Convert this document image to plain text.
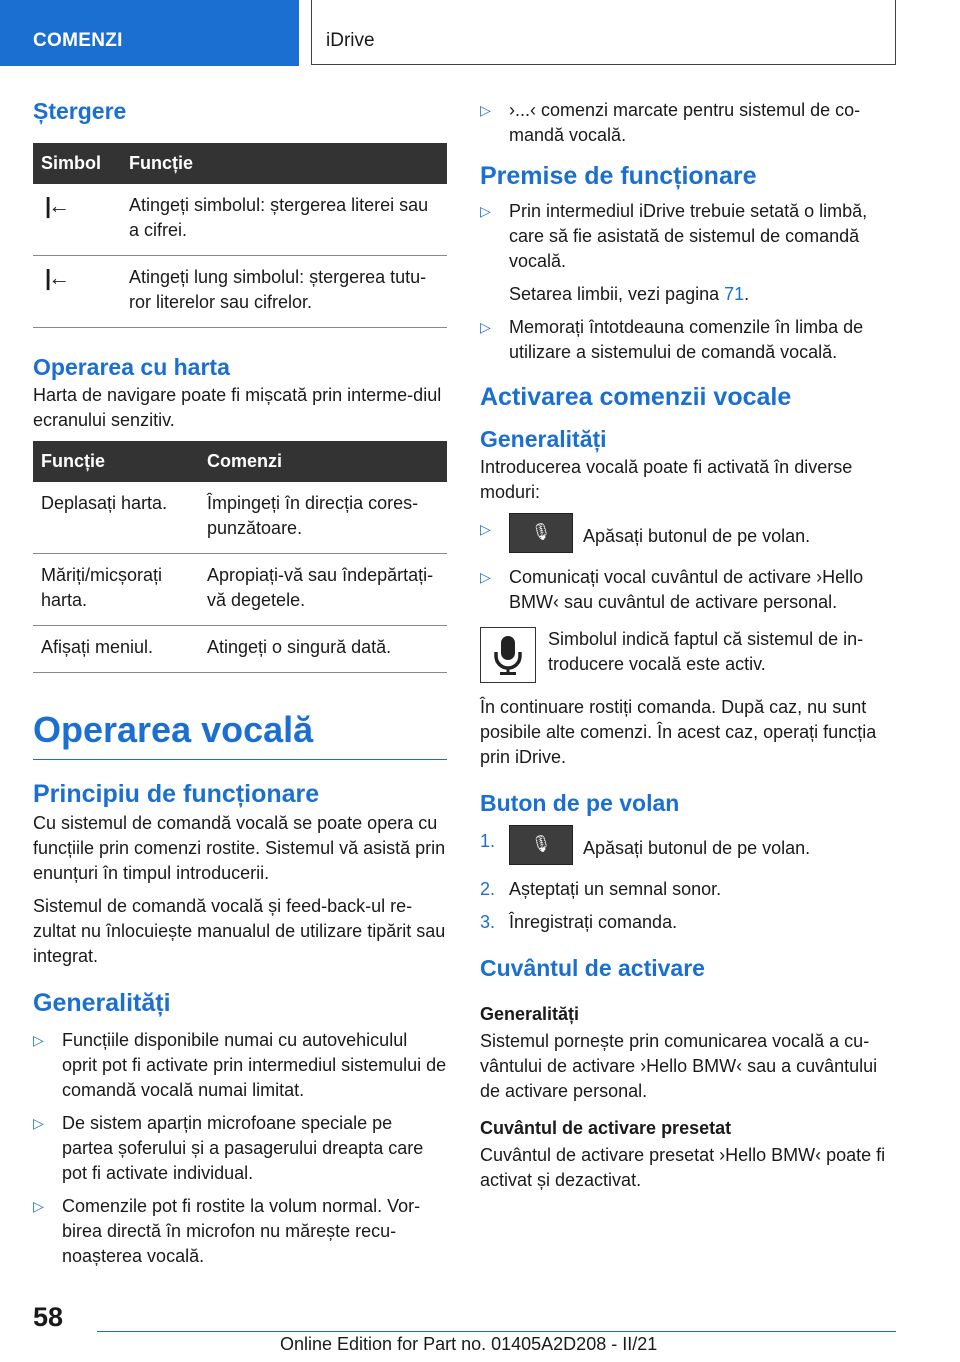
COMENZI	iDrive
Ștergere
Simbol	Funcție
|←	Atingeți simbolul: ștergerea literei sau a cifrei.
|←	Atingeți lung simbolul: ștergerea tutu-ror literelor sau cifrelor.
Operarea cu harta

Harta de navigare poate fi mișcată prin interme-diul ecranului senzitiv.

Funcție	Comenzi
Deplasați harta.	Împingeți în direcția cores-punzătoare.
Măriți/micșorați harta.	Apropiați-vă sau îndepărtați-vă degetele.
Afișați meniul.	Atingeți o singură dată.
Operarea vocală
Principiu de funcționare

Cu sistemul de comandă vocală se poate opera cu funcțiile prin comenzi rostite. Sistemul vă asistă prin enunțuri în timpul introducerii.

Sistemul de comandă vocală și feed-back-ul re-zultat nu înlocuiește manualul de utilizare tipărit sau integrat.

Generalități
▷ Funcțiile disponibile numai cu autovehiculul oprit pot fi activate prin intermediul sistemului de comandă vocală numai limitat.
▷ De sistem aparțin microfoane speciale pe partea șoferului și a pasagerului dreapta care pot fi activate individual.
▷ Comenzile pot fi rostite la volum normal. Vor-birea directă în microfon nu mărește recu-noașterea vocală.
▷ ›...‹ comenzi marcate pentru sistemul de co-mandă vocală.
Premise de funcționare
▷ Prin intermediul iDrive trebuie setată o limbă, care să fie asistată de sistemul de comandă vocală.
Setarea limbii, vezi pagina 71.
▷ Memorați întotdeauna comenzile în limba de utilizare a sistemului de comandă vocală.
Activarea comenzii vocale
Generalități

Introducerea vocală poate fi activată în diverse moduri:

▷	🎙 Apăsați butonul de pe volan.
▷ Comunicați vocal cuvântul de activare ›Hello BMW‹ sau cuvântul de activare personal.

Simbolul indică faptul că sistemul de in-troducere vocală este activ.

În continuare rostiți comanda. După caz, nu sunt posibile alte comenzi. În acest caz, operați funcția prin iDrive.

Buton de pe volan
1. 🎙 Apăsați butonul de pe volan.
2. Așteptați un semnal sonor.
3. Înregistrați comanda.
Cuvântul de activare
Generalități

Sistemul pornește prin comunicarea vocală a cu-vântului de activare ›Hello BMW‹ sau a cuvântului de activare personal.

Cuvântul de activare presetat

Cuvântul de activare presetat ›Hello BMW‹ poate fi activat și dezactivat.

58
Online Edition for Part no. 01405A2D208 - II/21
